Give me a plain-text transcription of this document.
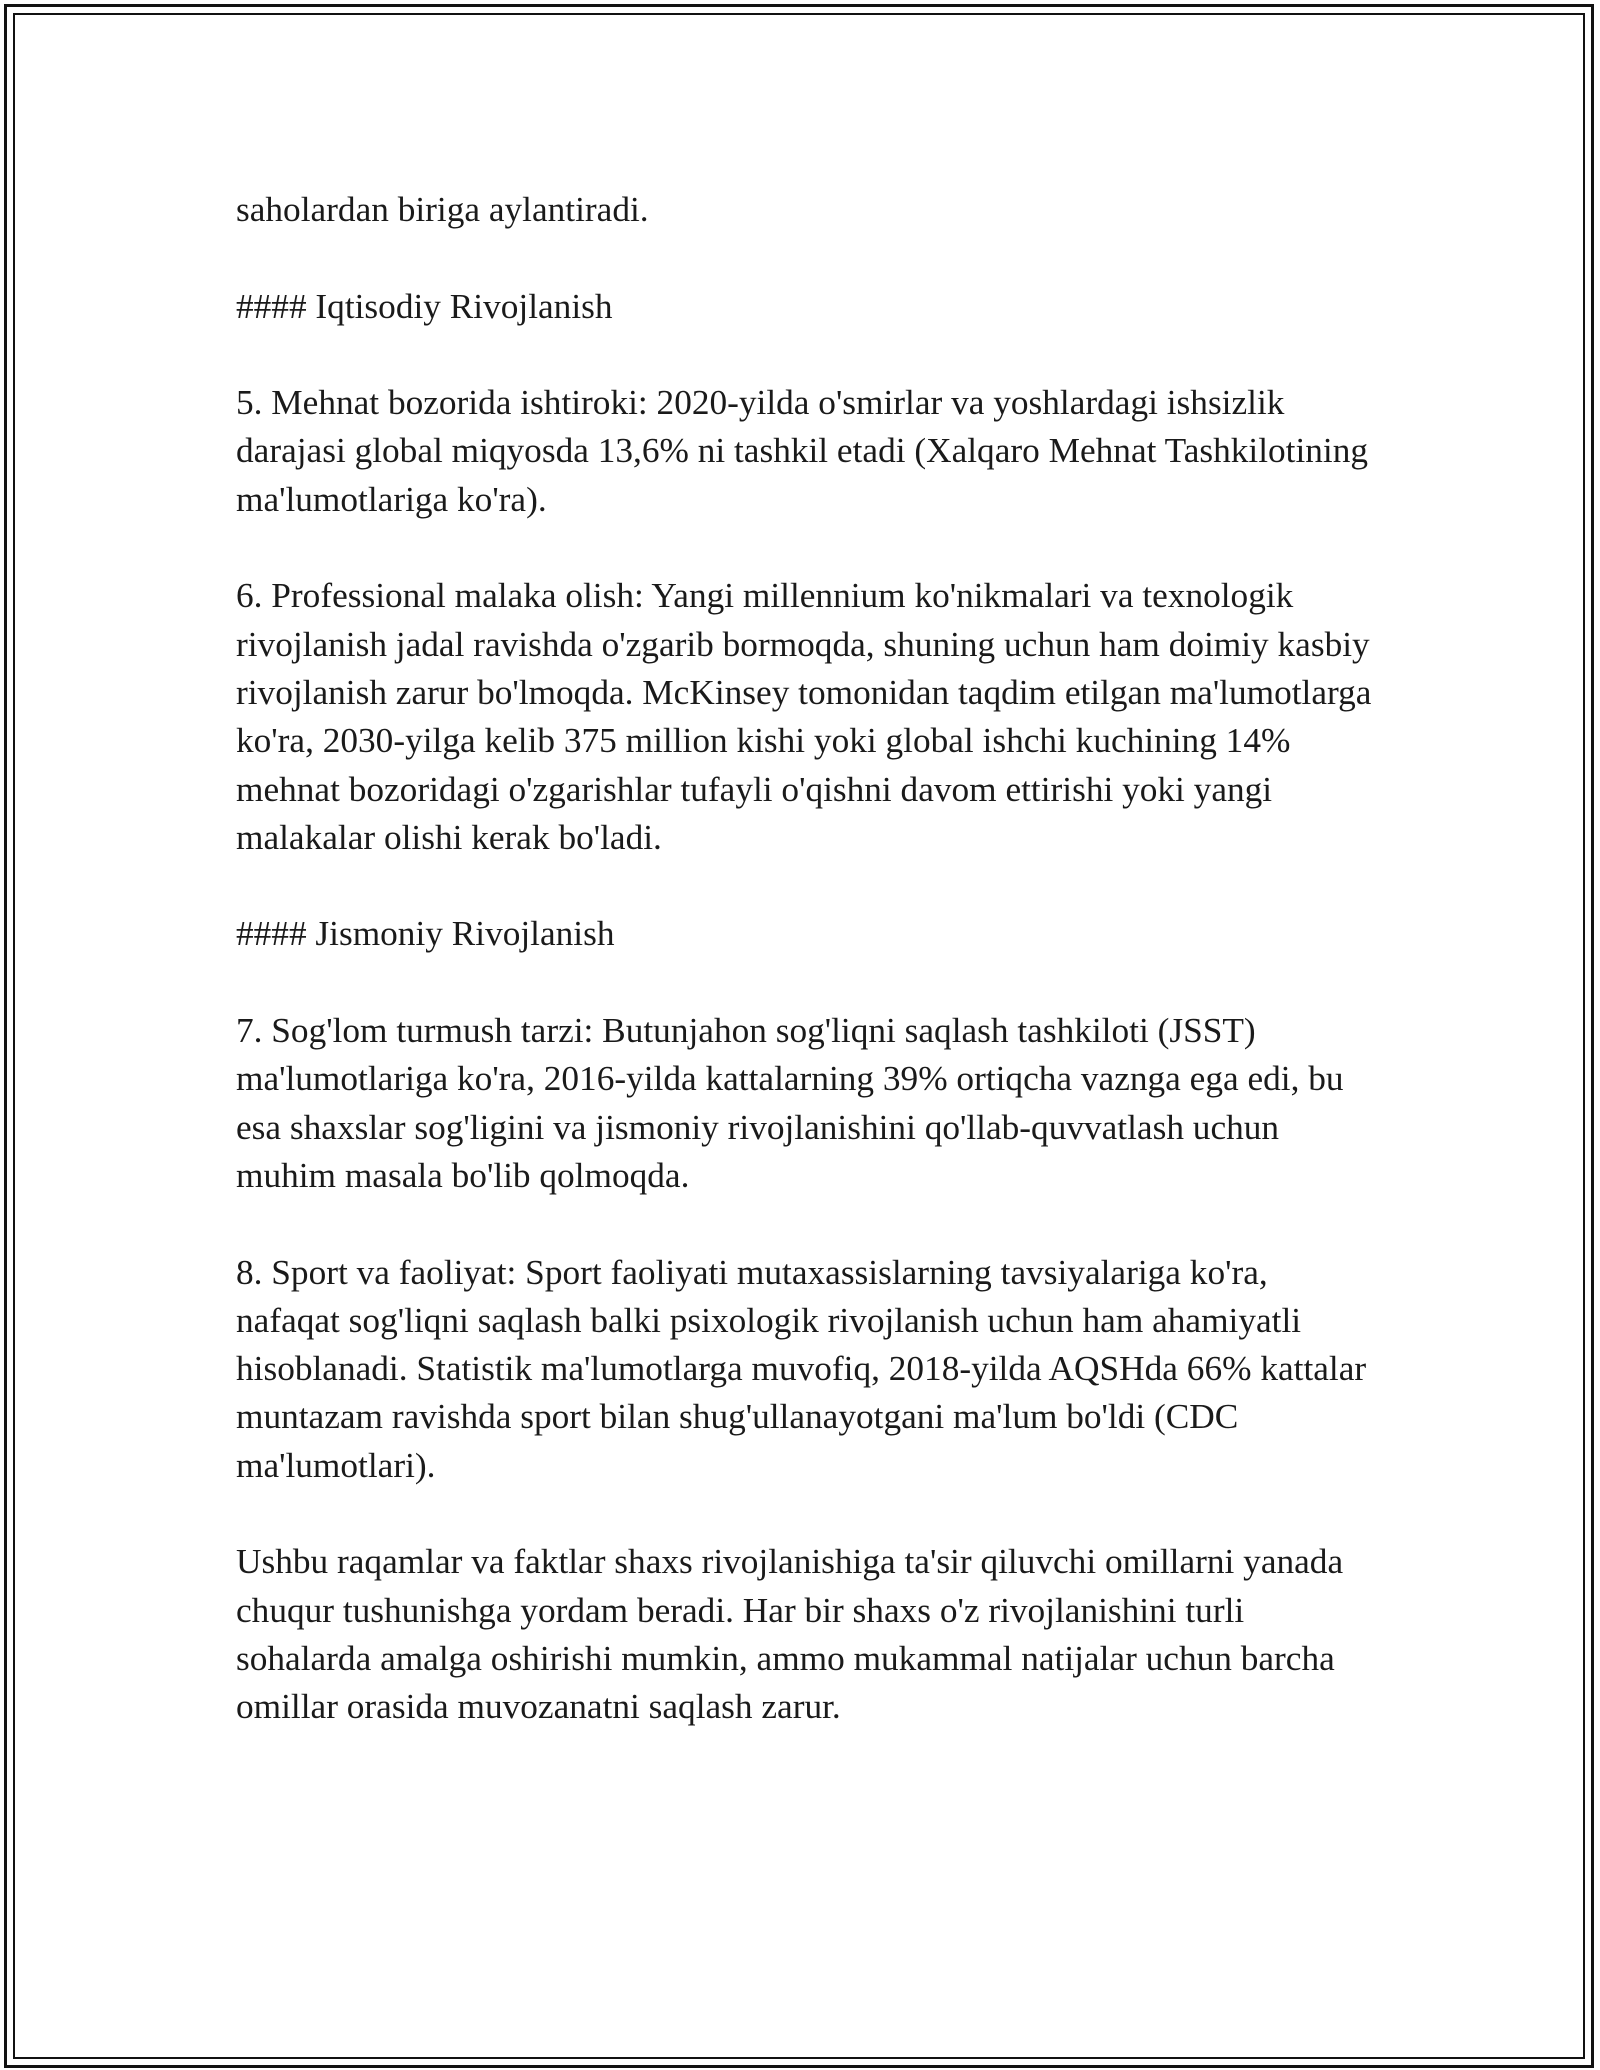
saholardan biriga aylantiradi.

#### Iqtisodiy Rivojlanish

5. Mehnat bozorida ishtiroki: 2020-yilda o'smirlar va yoshlardagi ishsizlik darajasi global miqyosda 13,6% ni tashkil etadi (Xalqaro Mehnat Tashkilotining ma'lumotlariga ko'ra).

6. Professional malaka olish: Yangi millennium ko'nikmalari va texnologik rivojlanish jadal ravishda o'zgarib bormoqda, shuning uchun ham doimiy kasbiy rivojlanish zarur bo'lmoqda. McKinsey tomonidan taqdim etilgan ma'lumotlarga ko'ra, 2030-yilga kelib 375 million kishi yoki global ishchi kuchining 14% mehnat bozoridagi o'zgarishlar tufayli o'qishni davom ettirishi yoki yangi malakalar olishi kerak bo'ladi.

#### Jismoniy Rivojlanish

7. Sog'lom turmush tarzi: Butunjahon sog'liqni saqlash tashkiloti (JSST) ma'lumotlariga ko'ra, 2016-yilda kattalarning 39% ortiqcha vaznga ega edi, bu esa shaxslar sog'ligini va jismoniy rivojlanishini qo'llab-quvvatlash uchun muhim masala bo'lib qolmoqda.

8. Sport va faoliyat: Sport faoliyati mutaxassislarning tavsiyalariga ko'ra, nafaqat sog'liqni saqlash balki psixologik rivojlanish uchun ham ahamiyatli hisoblanadi. Statistik ma'lumotlarga muvofiq, 2018-yilda AQSHda 66% kattalar muntazam ravishda sport bilan shug'ullanayotgani ma'lum bo'ldi (CDC ma'lumotlari).

Ushbu raqamlar va faktlar shaxs rivojlanishiga ta'sir qiluvchi omillarni yanada chuqur tushunishga yordam beradi. Har bir shaxs o'z rivojlanishini turli sohalarda amalga oshirishi mumkin, ammo mukammal natijalar uchun barcha omillar orasida muvozanatni saqlash zarur.
